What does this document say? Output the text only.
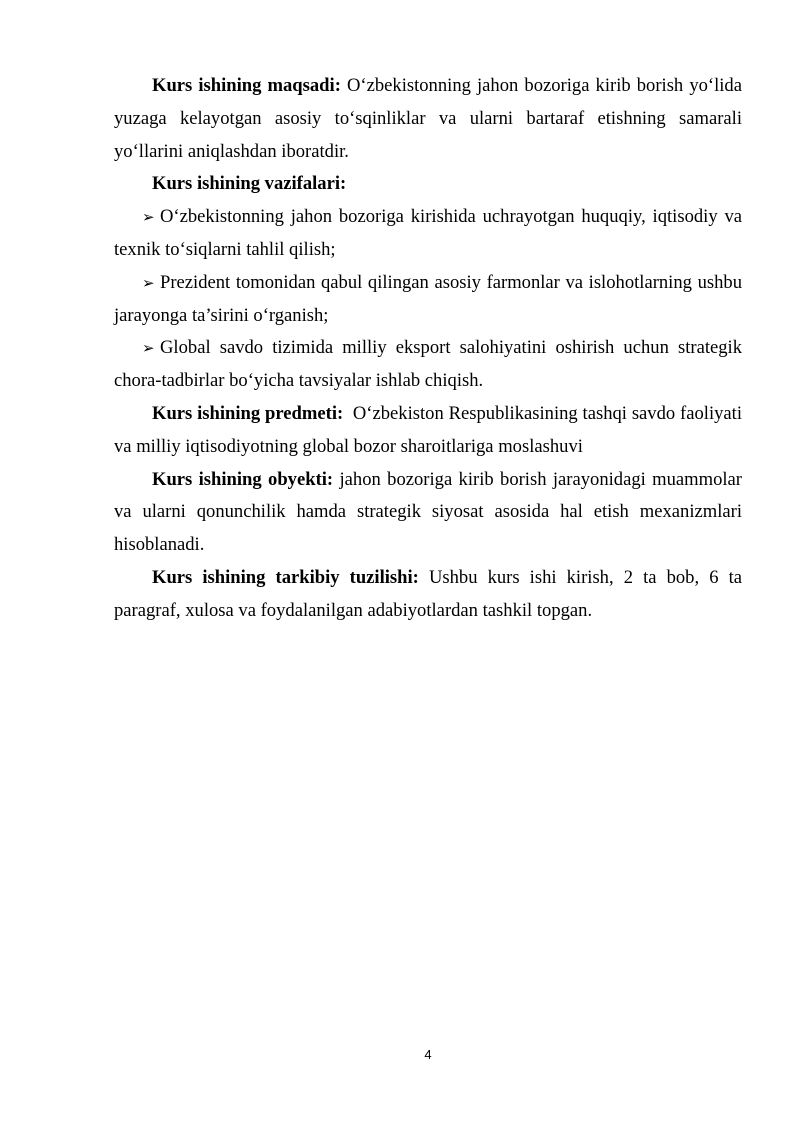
Kurs ishining maqsadi: O‘zbekistonning jahon bozoriga kirib borish yo‘lida yuzaga kelayotgan asosiy to‘sqinliklar va ularni bartaraf etishning samarali yo‘llarini aniqlashdan iboratdir.

Kurs ishining vazifalari:

➢ O‘zbekistonning jahon bozoriga kirishida uchrayotgan huquqiy, iqtisodiy va texnik to‘siqlarni tahlil qilish;

➢ Prezident tomonidan qabul qilingan asosiy farmonlar va islohotlarning ushbu jarayonga ta’sirini o‘rganish;

➢ Global savdo tizimida milliy eksport salohiyatini oshirish uchun strategik chora-tadbirlar bo‘yicha tavsiyalar ishlab chiqish.

Kurs ishining predmeti:  O‘zbekiston Respublikasining tashqi savdo faoliyati va milliy iqtisodiyotning global bozor sharoitlariga moslashuvi

Kurs ishining obyekti: jahon bozoriga kirib borish jarayonidagi muammolar va ularni qonunchilik hamda strategik siyosat asosida hal etish mexanizmlari hisoblanadi.

Kurs ishining tarkibiy tuzilishi: Ushbu kurs ishi kirish, 2 ta bob, 6 ta paragraf, xulosa va foydalanilgan adabiyotlardan tashkil topgan.

4
